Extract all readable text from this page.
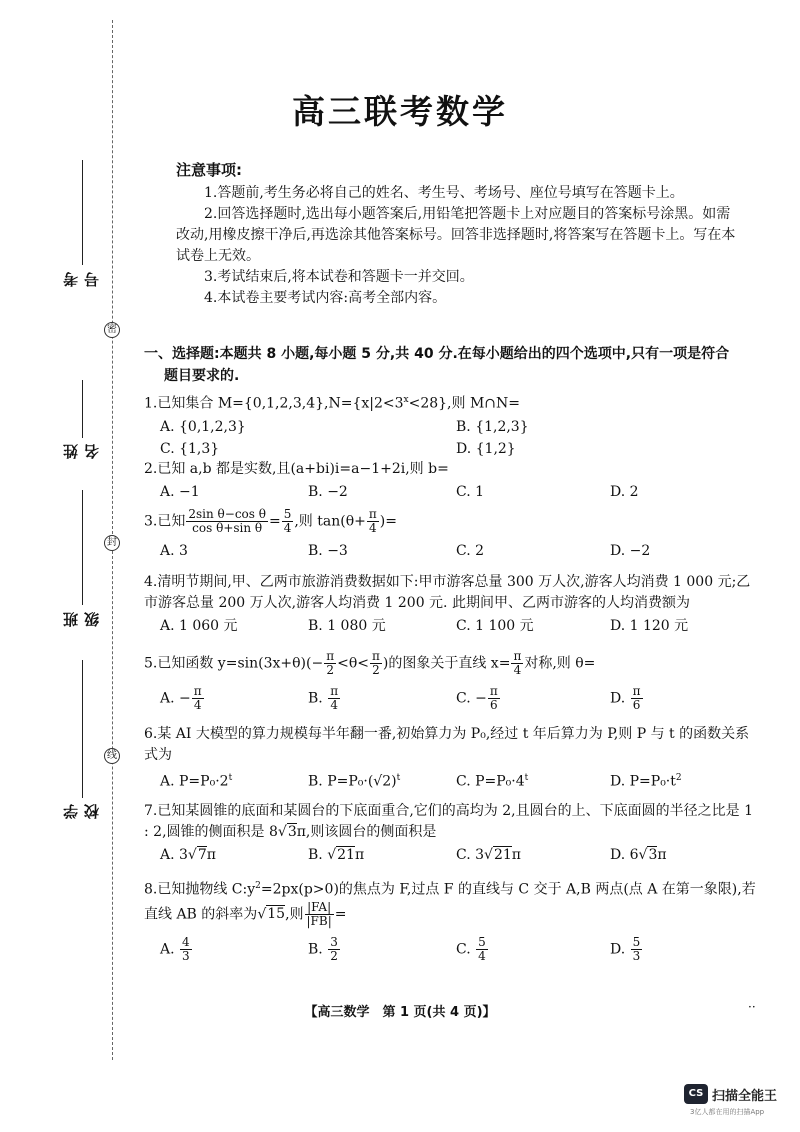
密
封
线
考号
姓名
班级
学校
高三联考数学
注意事项:

1.答题前,考生务必将自己的姓名、考生号、考场号、座位号填写在答题卡上。

2.回答选择题时,选出每小题答案后,用铅笔把答题卡上对应题目的答案标号涂黑。如需改动,用橡皮擦干净后,再选涂其他答案标号。回答非选择题时,将答案写在答题卡上。写在本试卷上无效。

3.考试结束后,将本试卷和答题卡一并交回。

4.本试卷主要考试内容:高考全部内容。

一、选择题:本题共 8 小题,每小题 5 分,共 40 分.在每小题给出的四个选项中,只有一项是符合
题目要求的.

1.已知集合 $M=\{0,1,2,3,4\},N=\{x|2<3^x<28\}$,则 M∩N=

A. {0,1,2,3}	B. {1,2,3}
C. {1,3}	D. {1,2}

2.已知 a,b 都是实数,且(a+bi)i=a−1+2i,则 b=

A. −1	B. −2	C. 1	D. 2

3.已知 $\frac{\text{2sin θ−cos θ}}{\text{cos θ+sin θ}} = \frac{5}{4}$ ,则 $\tan(\theta+ \frac{\pi}{4}$ )=

A. 3	B. −3	C. 2	D. −2

4.清明节期间,甲、乙两市旅游消费数据如下:甲市游客总量 300 万人次,游客人均消费 1 000 元;乙市游客总量 200 万人次,游客人均消费 1 200 元. 此期间甲、乙两市游客的人均消费额为

A. 1 060 元	B. 1 080 元	C. 1 100 元	D. 1 120 元

5.已知函数 $y=\sin(3x+\theta)(- \frac{\pi}{2} <\theta< \frac{\pi}{2}$ )的图象关于直线 $x= \frac{\pi}{4}$ 对称,则 θ=

A. − $\frac{\pi}{4}$	B. $\frac{\pi}{4}$	C. − $\frac{\pi}{6}$	D. $\frac{\pi}{6}$

6.某 AI 大模型的算力规模每半年翻一番,初始算力为 P₀,经过 t 年后算力为 P,则 P 与 t 的函数关系式为

A. $P=P_0\cdot 2^t$	B. $P=P_0\cdot(√2)^t$	C. $P=P_0\cdot 4^t$	D. $P=P_0\cdot t^2$

7.已知某圆锥的底面和某圆台的下底面重合,它们的高均为 2,且圆台的上、下底面圆的半径之比是 1 : 2,圆锥的侧面积是 8√3π,则该圆台的侧面积是

A. 3√7π	B. √21π	C. 3√21π	D. 6√3π

8.已知抛物线 $C:y^2=2px(p>0)$的焦点为 F,过点 F 的直线与 C 交于 A,B 两点(点 A 在第一象限),若直线 AB 的斜率为√15,则 $\frac{|FA|}{|FB|}$ =

A. $\frac{4}{3}$	B. $\frac{3}{2}$	C. $\frac{5}{4}$	D. $\frac{5}{3}$
【高三数学　第 1 页(共 4 页)】	··
CS 扫描全能王
3亿人都在用的扫描App
